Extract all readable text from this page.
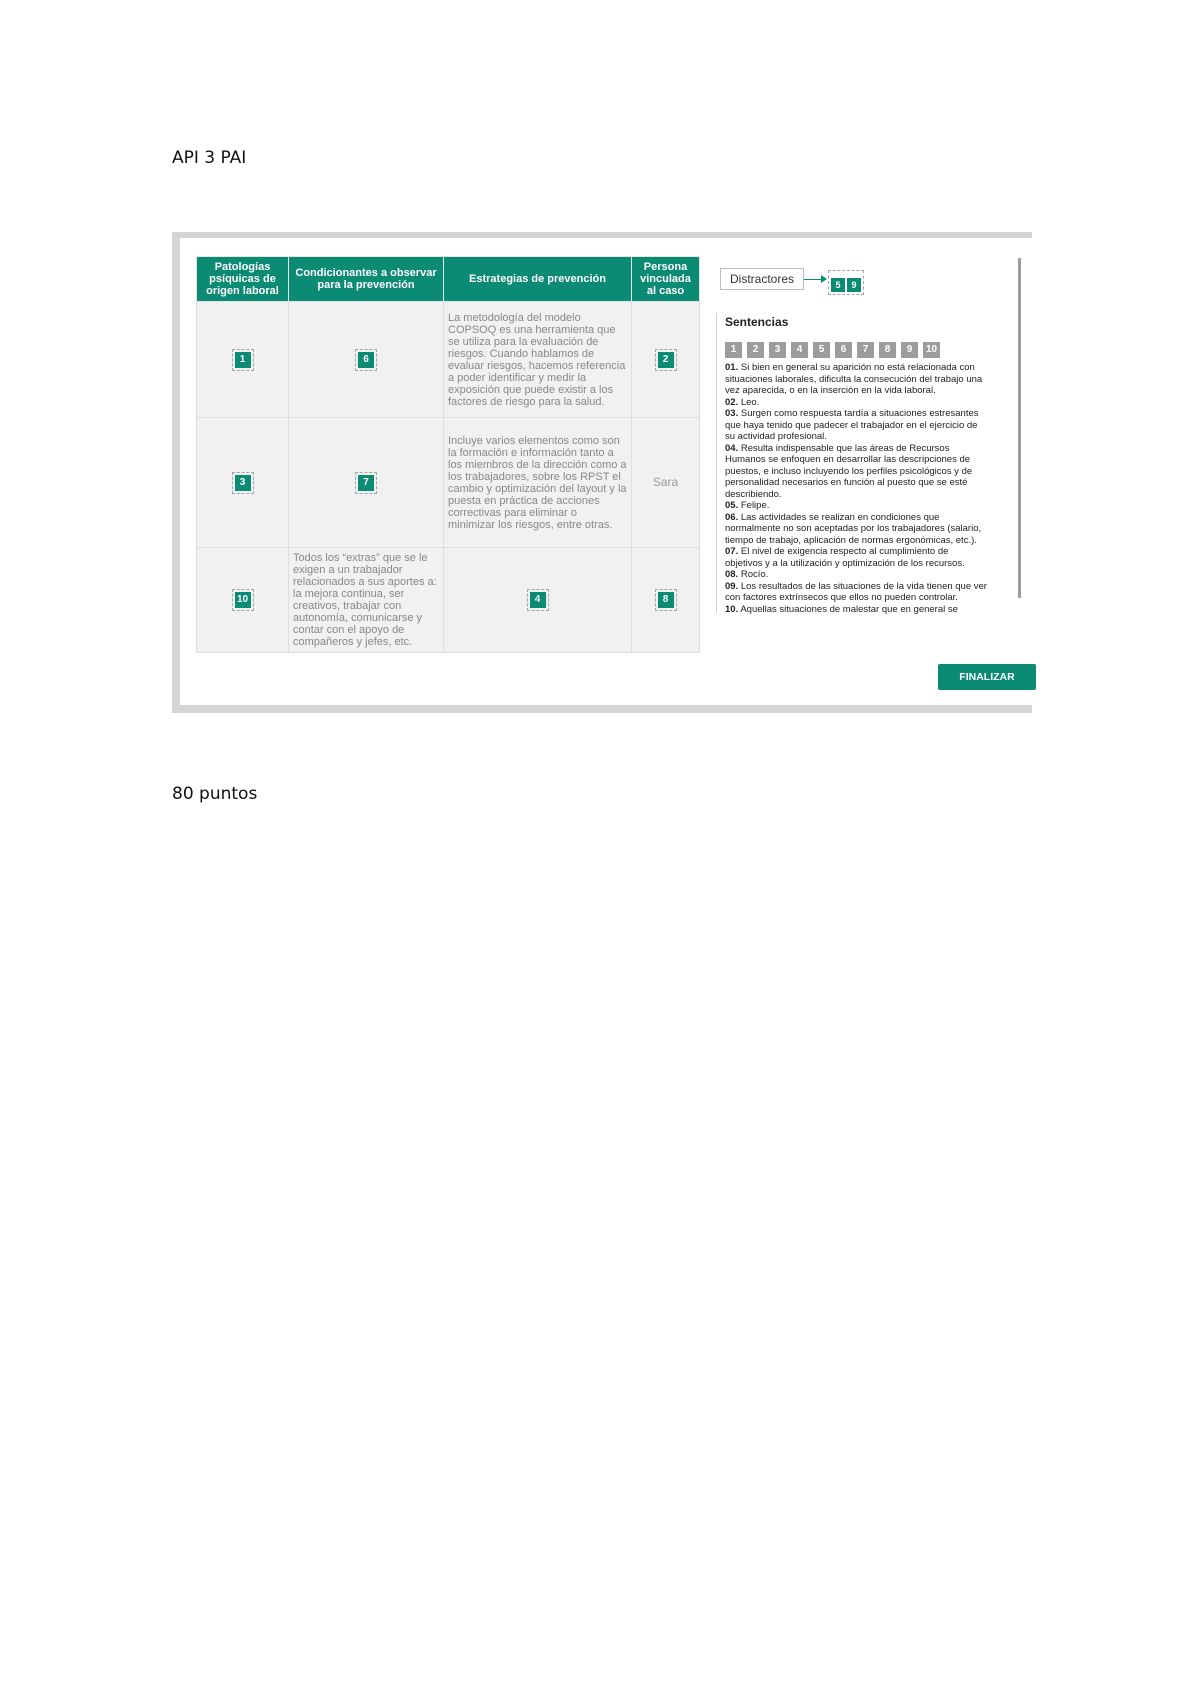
API 3 PAI
Patologías psíquicas de origen laboral	Condicionantes a observar para la prevención	Estrategias de prevención	Persona vinculada al caso
1	6	La metodología del modelo COPSOQ es una herramienta que se utiliza para la evaluación de riesgos. Cuando hablamos de evaluar riesgos, hacemos referencia a poder identificar y medir la exposición que puede existir a los factores de riesgo para la salud.	2
3	7	Incluye varios elementos como son la formación e información tanto a los miembros de la dirección como a los trabajadores, sobre los RPST el cambio y optimización del layout y la puesta en práctica de acciones correctivas para eliminar o minimizar los riesgos, entre otras.	Sara
10	Todos los “extras” que se le exigen a un trabajador relacionados a sus aportes a: la mejora continua, ser creativos, trabajar con autonomía, comunicarse y contar con el apoyo de compañeros y jefes, etc.	4	8
Distractores	5 9
Sentencias
1 2 3 4 5 6 7 8 9 10

01. Si bien en general su aparición no está relacionada con situaciones laborales, dificulta la consecución del trabajo una vez aparecida, o en la inserción en la vida laboral.

02. Leo.

03. Surgen como respuesta tardía a situaciones estresantes que haya tenido que padecer el trabajador en el ejercicio de su actividad profesional.

04. Resulta indispensable que las áreas de Recursos Humanos se enfoquen en desarrollar las descripciones de puestos, e incluso incluyendo los perfiles psicológicos y de personalidad necesarios en función al puesto que se esté describiendo.

05. Felipe.

06. Las actividades se realizan en condiciones que normalmente no son aceptadas por los trabajadores (salario, tiempo de trabajo, aplicación de normas ergonómicas, etc.).

07. El nivel de exigencia respecto al cumplimiento de objetivos y a la utilización y optimización de los recursos.

08. Rocío.

09. Los resultados de las situaciones de la vida tienen que ver con factores extrínsecos que ellos no pueden controlar.

10. Aquellas situaciones de malestar que en general se

FINALIZAR
80 puntos
